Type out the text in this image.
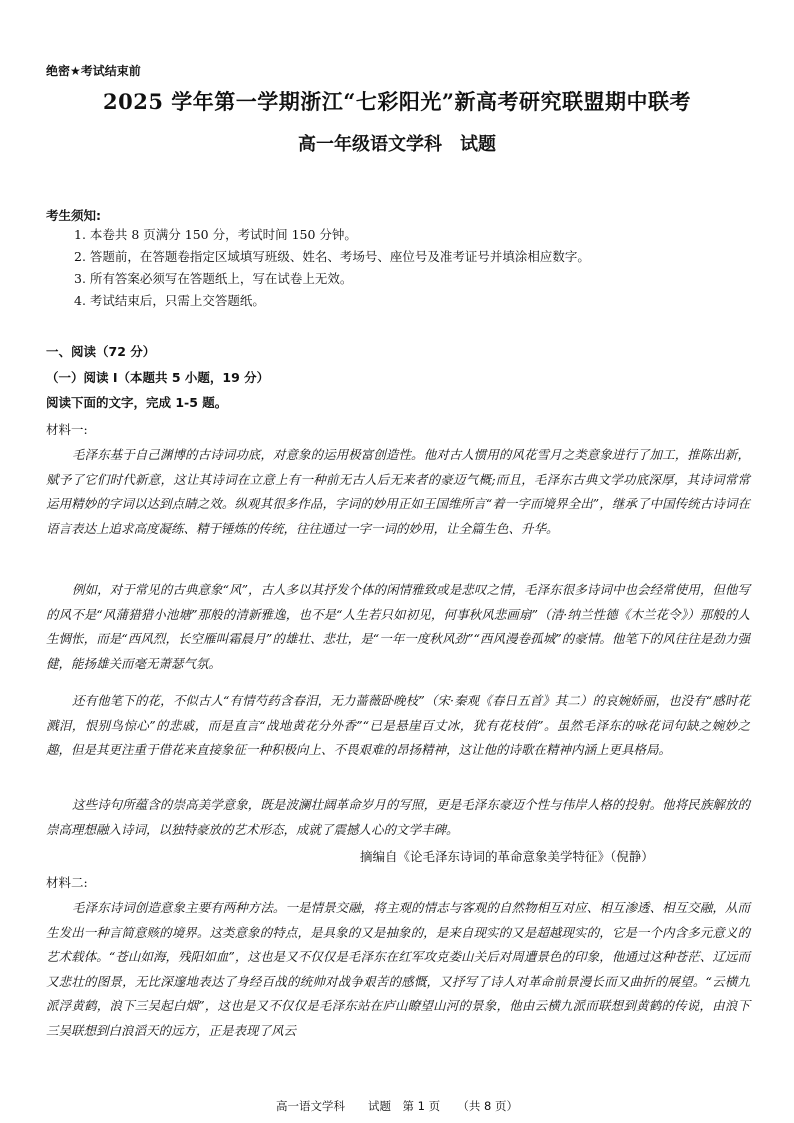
绝密★考试结束前
2025 学年第一学期浙江“七彩阳光”新高考研究联盟期中联考
高一年级语文学科　试题
考生须知:
1. 本卷共 8 页满分 150 分，考试时间 150 分钟。
2. 答题前，在答题卷指定区域填写班级、姓名、考场号、座位号及准考证号并填涂相应数字。
3. 所有答案必须写在答题纸上，写在试卷上无效。
4. 考试结束后，只需上交答题纸。
一、阅读（72 分）
（一）阅读 I（本题共 5 小题，19 分）
阅读下面的文字，完成 1-5 题。
材料一:

毛泽东基于自己渊博的古诗词功底，对意象的运用极富创造性。他对古人惯用的风花雪月之类意象进行了加工，推陈出新，赋予了它们时代新意，这让其诗词在立意上有一种前无古人后无来者的豪迈气概;而且，毛泽东古典文学功底深厚，其诗词常常运用精妙的字词以达到点睛之效。纵观其很多作品，字词的妙用正如王国维所言“着一字而境界全出”，继承了中国传统古诗词在语言表达上追求高度凝练、精于锤炼的传统，往往通过一字一词的妙用，让全篇生色、升华。

例如，对于常见的古典意象“风”，古人多以其抒发个体的闲情雅致或是悲叹之情，毛泽东很多诗词中也会经常使用，但他写的风不是“风蒲猎猎小池塘”那般的清新雅逸，也不是“人生若只如初见，何事秋风悲画扇”（清·纳兰性德《木兰花令》）那般的人生惆怅，而是“西风烈，长空雁叫霜晨月”的雄壮、悲壮，是“一年一度秋风劲”“西风漫卷孤城”的豪情。他笔下的风往往是劲力强健，能扬雄关而毫无萧瑟气氛。

还有他笔下的花，不似古人“有情芍药含春泪，无力蔷薇卧晚枝”（宋·秦观《春日五首》其二）的哀婉娇丽，也没有“感时花溅泪，恨别鸟惊心”的悲戚，而是直言“战地黄花分外香”“已是悬崖百丈冰，犹有花枝俏”。虽然毛泽东的咏花词句缺之婉妙之趣，但是其更注重于借花来直接象征一种积极向上、不畏艰难的昂扬精神，这让他的诗歌在精神内涵上更具格局。

这些诗句所蕴含的崇高美学意象，既是波澜壮阔革命岁月的写照，更是毛泽东豪迈个性与伟岸人格的投射。他将民族解放的崇高理想融入诗词，以独特豪放的艺术形态，成就了震撼人心的文学丰碑。

摘编自《论毛泽东诗词的革命意象美学特征》（倪静）
材料二:

毛泽东诗词创造意象主要有两种方法。一是情景交融，将主观的情志与客观的自然物相互对应、相互渗透、相互交融，从而生发出一种言简意赅的境界。这类意象的特点，是具象的又是抽象的，是来自现实的又是超越现实的，它是一个内含多元意义的艺术载体。“苍山如海，残阳如血”，这也是又不仅仅是毛泽东在红军攻克娄山关后对周遭景色的印象，他通过这种苍茫、辽远而又悲壮的图景，无比深邃地表达了身经百战的统帅对战争艰苦的感慨，又抒写了诗人对革命前景漫长而又曲折的展望。“云横九派浮黄鹤，浪下三吴起白烟”，这也是又不仅仅是毛泽东站在庐山瞭望山河的景象，他由云横九派而联想到黄鹤的传说，由浪下三吴联想到白浪滔天的远方，正是表现了风云

高一语文学科　　试题　第 1 页　　（共 8 页）
